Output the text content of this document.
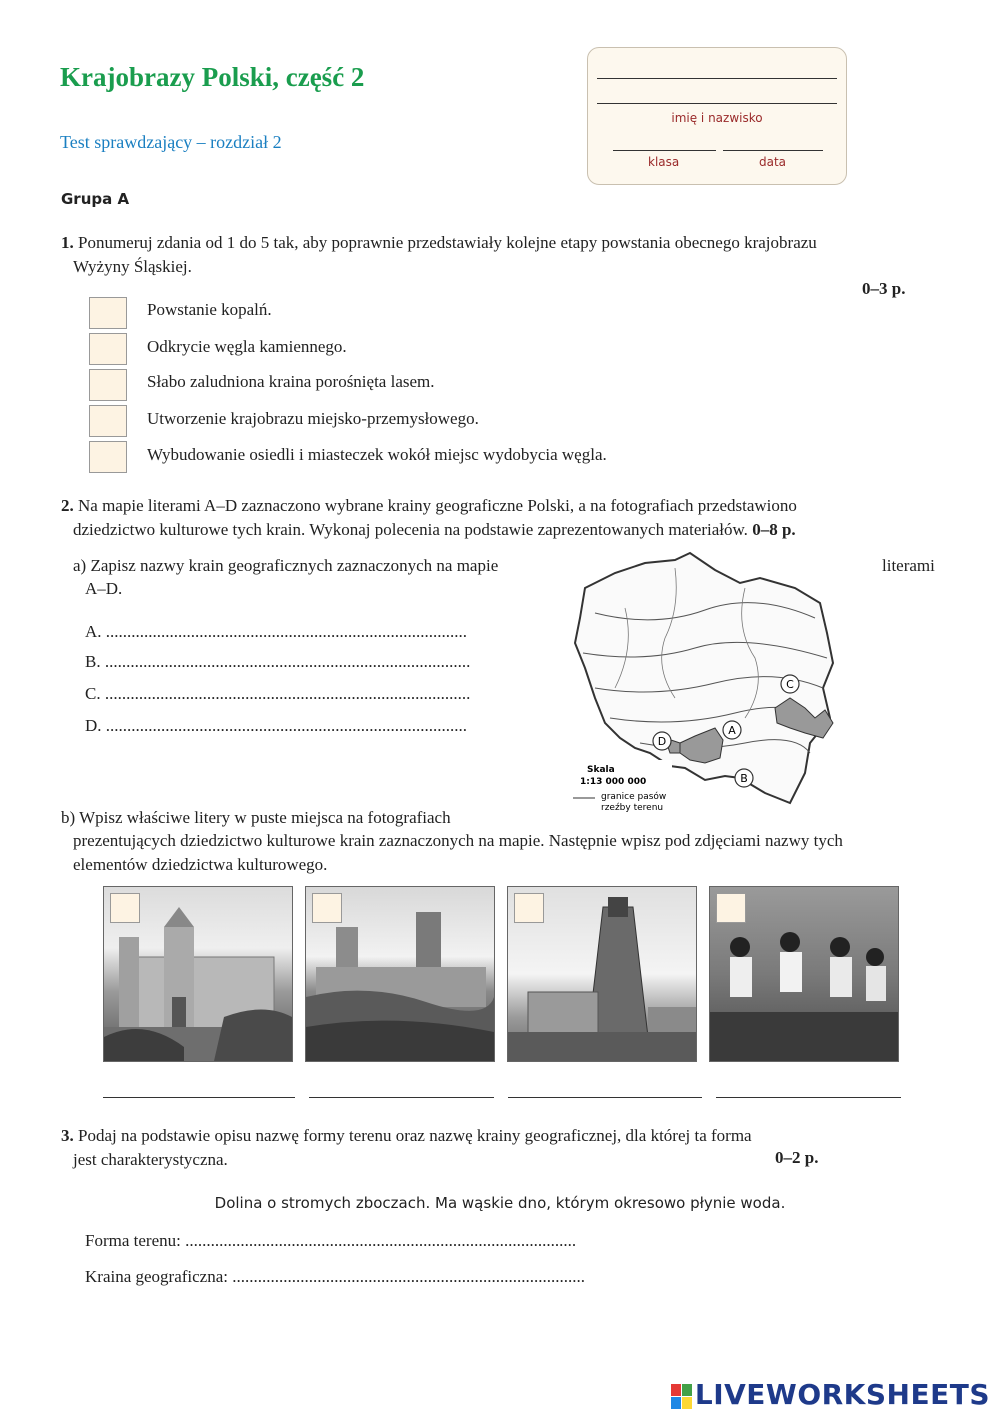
Krajobrazy Polski, część 2
Test sprawdzający – rozdział 2
Grupa A
imię i nazwisko
klasa	data
1. Ponumeruj zdania od 1 do 5 tak, aby poprawnie przedstawiały kolejne etapy powstania obecnego krajobrazu
Wyżyny Śląskiej.
0–3 p.
Powstanie kopalń.
Odkrycie węgla kamiennego.
Słabo zaludniona kraina porośnięta lasem.
Utworzenie krajobrazu miejsko-przemysłowego.
Wybudowanie osiedli i miasteczek wokół miejsc wydobycia węgla.
2. Na mapie literami A–D zaznaczono wybrane krainy geograficzne Polski, a na fotografiach przedstawiono
dziedzictwo kulturowe tych krain. Wykonaj polecenia na podstawie zaprezentowanych materiałów. 0–8 p.
a) Zapisz nazwy krain geograficznych zaznaczonych na mapie	literami
A–D.
A. .....................................................................................
B. ......................................................................................
C. ......................................................................................
D. .....................................................................................
C
A
D
B
Skala
1:13 000 000
granice pasów
rzeźby terenu
b) Wpisz właściwe litery w puste miejsca na fotografiach
prezentujących dziedzictwo kulturowe krain zaznaczonych na mapie. Następnie wpisz pod zdjęciami nazwy tych
elementów dziedzictwa kulturowego.
3. Podaj na podstawie opisu nazwę formy terenu oraz nazwę krainy geograficznej, dla której ta forma
jest charakterystyczna.	0–2 p.
Dolina o stromych zboczach. Ma wąskie dno, którym okresowo płynie woda.
Forma terenu: ............................................................................................
Kraina geograficzna: ...................................................................................
LIVEWORKSHEETS
